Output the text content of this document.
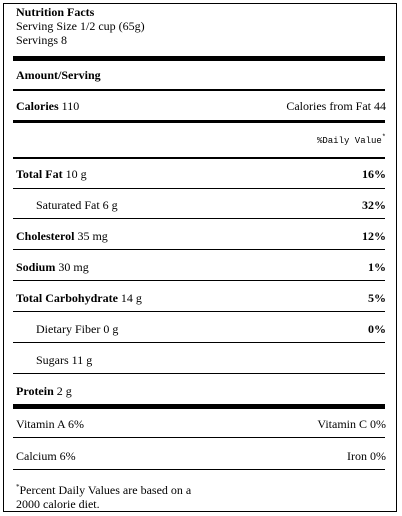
Nutrition Facts
Serving Size 1/2 cup (65g)
Servings 8
Amount/Serving
Calories 110	Calories from Fat 44
%Daily Value*
Total Fat 10 g	16%
Saturated Fat 6 g	32%
Cholesterol 35 mg	12%
Sodium 30 mg	1%
Total Carbohydrate 14 g	5%
Dietary Fiber 0 g	0%
Sugars 11 g
Protein 2 g
Vitamin A 6%	Vitamin C 0%
Calcium 6%	Iron 0%
*Percent Daily Values are based on a
2000 calorie diet.
